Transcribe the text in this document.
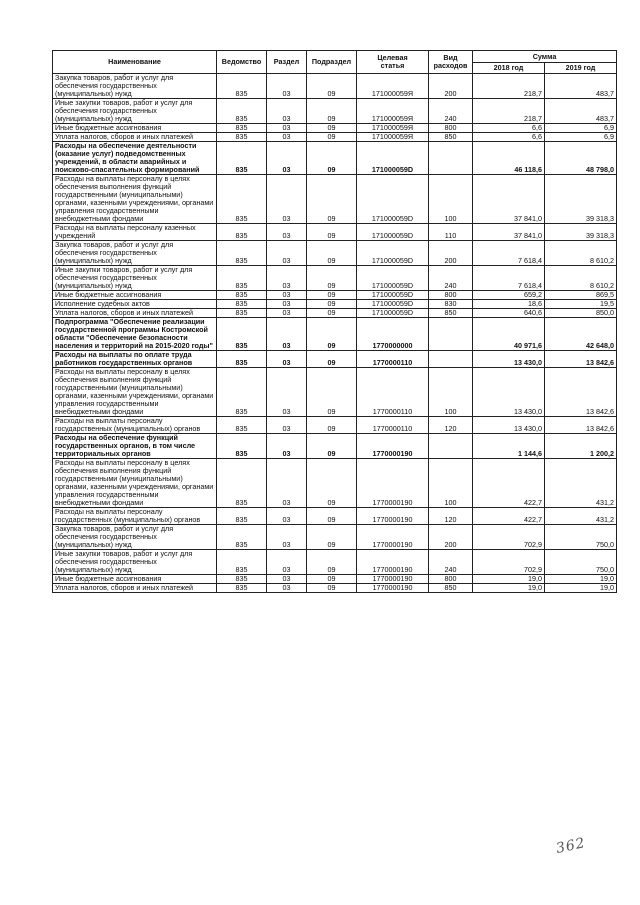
Наименование	Ведомство	Раздел	Подраздел	Целевая
статья	Вид
расходов	Сумма	
						2018 год	2019 год
Закупка товаров, работ и услуг для обеспечения государственных (муниципальных) нужд	835	03	09	171000059Я	200	218,7	483,7
Иные закупки товаров, работ и услуг для обеспечения государственных (муниципальных) нужд	835	03	09	171000059Я	240	218,7	483,7
Иные бюджетные ассигнования	835	03	09	171000059Я	800	6,6	6,9
Уплата налогов, сборов и иных платежей	835	03	09	171000059Я	850	6,6	6,9
Расходы на обеспечение деятельности (оказание услуг) подведомственных учреждений, в области аварийных и поисково-спасательных формирований	835	03	09	171000059D		46 118,6	48 798,0
Расходы на выплаты персоналу в целях обеспечения выполнения функций государственными (муниципальными) органами, казенными учреждениями, органами управления государственными внебюджетными фондами	835	03	09	171000059D	100	37 841,0	39 318,3
Расходы на выплаты персоналу казенных учреждений	835	03	09	171000059D	110	37 841,0	39 318,3
Закупка товаров, работ и услуг для обеспечения государственных (муниципальных) нужд	835	03	09	171000059D	200	7 618,4	8 610,2
Иные закупки товаров, работ и услуг для обеспечения государственных (муниципальных) нужд	835	03	09	171000059D	240	7 618,4	8 610,2
Иные бюджетные ассигнования	835	03	09	171000059D	800	659,2	869,5
Исполнение судебных актов	835	03	09	171000059D	830	18,6	19,5
Уплата налогов, сборов и иных платежей	835	03	09	171000059D	850	640,6	850,0
Подпрограмма "Обеспечение реализации государственной программы Костромской области "Обеспечение безопасности населения и территорий на 2015-2020 годы"	835	03	09	1770000000		40 971,6	42 648,0
Расходы на выплаты по оплате труда работников государственных органов	835	03	09	1770000110		13 430,0	13 842,6
Расходы на выплаты персоналу в целях обеспечения выполнения функций государственными (муниципальными) органами, казенными учреждениями, органами управления государственными внебюджетными фондами	835	03	09	1770000110	100	13 430,0	13 842,6
Расходы на выплаты персоналу государственных (муниципальных) органов	835	03	09	1770000110	120	13 430,0	13 842,6
Расходы на обеспечение функций государственных органов, в том числе территориальных органов	835	03	09	1770000190		1 144,6	1 200,2
Расходы на выплаты персоналу в целях обеспечения выполнения функций государственными (муниципальными) органами, казенными учреждениями, органами управления государственными внебюджетными фондами	835	03	09	1770000190	100	422,7	431,2
Расходы на выплаты персоналу государственных (муниципальных) органов	835	03	09	1770000190	120	422,7	431,2
Закупка товаров, работ и услуг для обеспечения государственных (муниципальных) нужд	835	03	09	1770000190	200	702,9	750,0
Иные закупки товаров, работ и услуг для обеспечения государственных (муниципальных) нужд	835	03	09	1770000190	240	702,9	750,0
Иные бюджетные ассигнования	835	03	09	1770000190	800	19,0	19,0
Уплата налогов, сборов и иных платежей	835	03	09	1770000190	850	19,0	19,0
362
